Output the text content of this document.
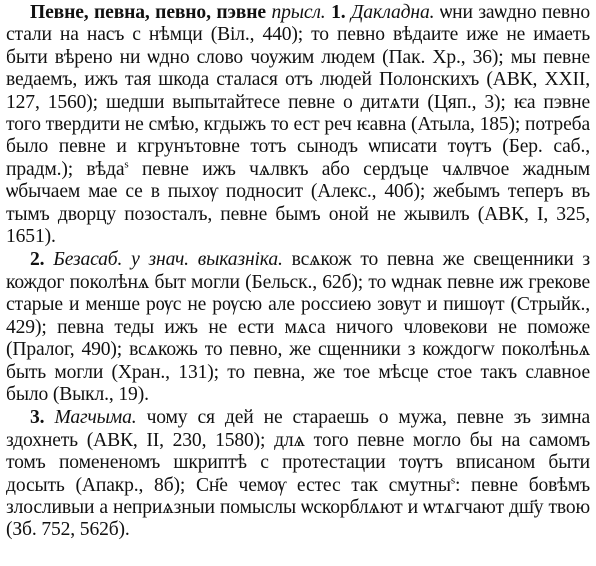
Певне, певна, певно, пэвне прысл. 1. Дакладна. ѡни заѡдно певно стали на насъ с нѣмци (Віл., 440); то певно вѣдаите иже не имаеть быти вѣрено ни ѡдно слово чоужим людем (Пак. Хр., 36); мы певне ведаемъ, ижъ тая шкода сталася отъ людей Полонскихъ (АВК, XXII, 127, 1560); шедши выпытайтесе певне о дитѧти (Цяп., 3); ѥа пэвне того твердити не смѣю, кгдыжъ то ест реч ѥавна (Атыла, 185); потреба было певне и кгрунътовне тотъ сынодъ ѡписати тѹтъ (Бер. саб., прадм.); вѣда$^s$ певне ижъ чѧлвкъ або сердъце чѧлвчое жадным ѡбычаем мае се в пыхѹ подносит (Алекс., 40б); жебымъ теперъ въ тымъ дворцу позосталъ, певне бымъ оной не жывилъ (АВК, I, 325, 1651).

2. Безасаб. у знач. выказніка. всѧкож то певна же свещенники з кождог поколѣнѧ быт могли (Бельск., 62б); то ѡднак певне иж грекове старые и менше рѹс не рѹсю але россиею зовут и пишѹт (Стрыйк., 429); певна теды ижъ не ести мѧса ничого чловекови не поможе (Пралог, 490); всѧкожь то певно, же сщенники з кождогw поколѣньѧ быть могли (Хран., 131); то певна, же тое мѣсце стое такъ славное было (Выкл., 19).

3. Магчыма. чому ся дей не стараешь о мужа, певне зъ зимна здохнеть (АВК, II, 230, 1580); длѧ того певне могло бы на самомъ томъ помененомъ шкриптѣ с протестации тѹтъ вписаном быти досыть (Апакр., 8б); Сн҃е чемѹ естес так смутны$^s$: певне бовѣмъ злосливыи а неприѧзныи помыслы ѡскорблѧют и ѡтѧгчают дш҃у твою (Зб. 752, 562б).
